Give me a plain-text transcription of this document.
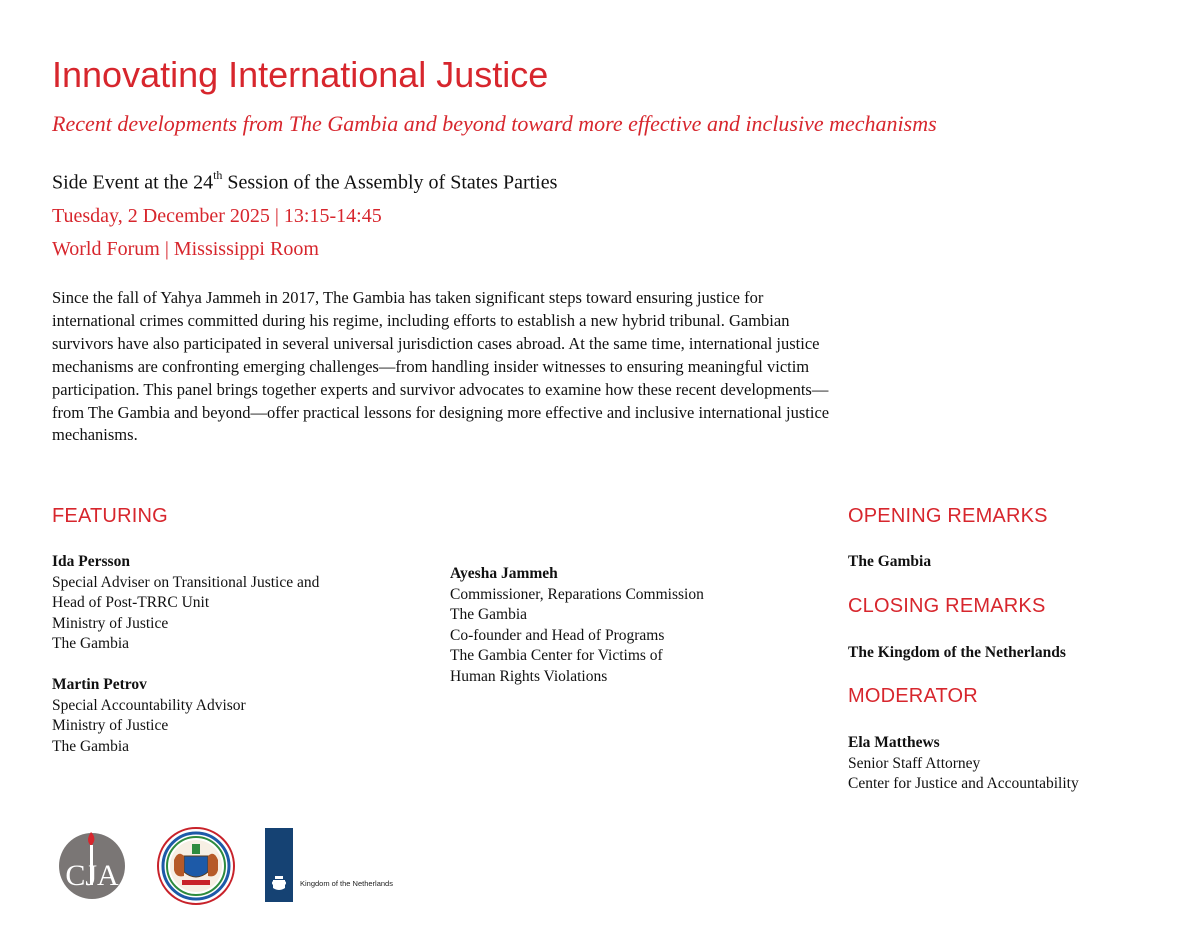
Innovating International Justice
Recent developments from The Gambia and beyond toward more effective and inclusive mechanisms
Side Event at the 24th Session of the Assembly of States Parties
Tuesday, 2 December 2025 | 13:15-14:45
World Forum | Mississippi Room
Since the fall of Yahya Jammeh in 2017, The Gambia has taken significant steps toward ensuring justice for international crimes committed during his regime, including efforts to establish a new hybrid tribunal. Gambian survivors have also participated in several universal jurisdiction cases abroad. At the same time, international justice mechanisms are confronting emerging challenges—from handling insider witnesses to ensuring meaningful victim participation. This panel brings together experts and survivor advocates to examine how these recent developments—from The Gambia and beyond—offer practical lessons for designing more effective and inclusive international justice mechanisms.
FEATURING
Ida Persson
Special Adviser on Transitional Justice and
Head of Post-TRRC Unit
Ministry of Justice
The Gambia
Martin Petrov
Special Accountability Advisor
Ministry of Justice
The Gambia
Ayesha Jammeh
Commissioner, Reparations Commission
The Gambia
Co-founder and Head of Programs
The Gambia Center for Victims of
Human Rights Violations
OPENING REMARKS
The Gambia
CLOSING REMARKS
The Kingdom of the Netherlands
MODERATOR
Ela Matthews
Senior Staff Attorney
Center for Justice and Accountability
CJA	Kingdom of the Netherlands
